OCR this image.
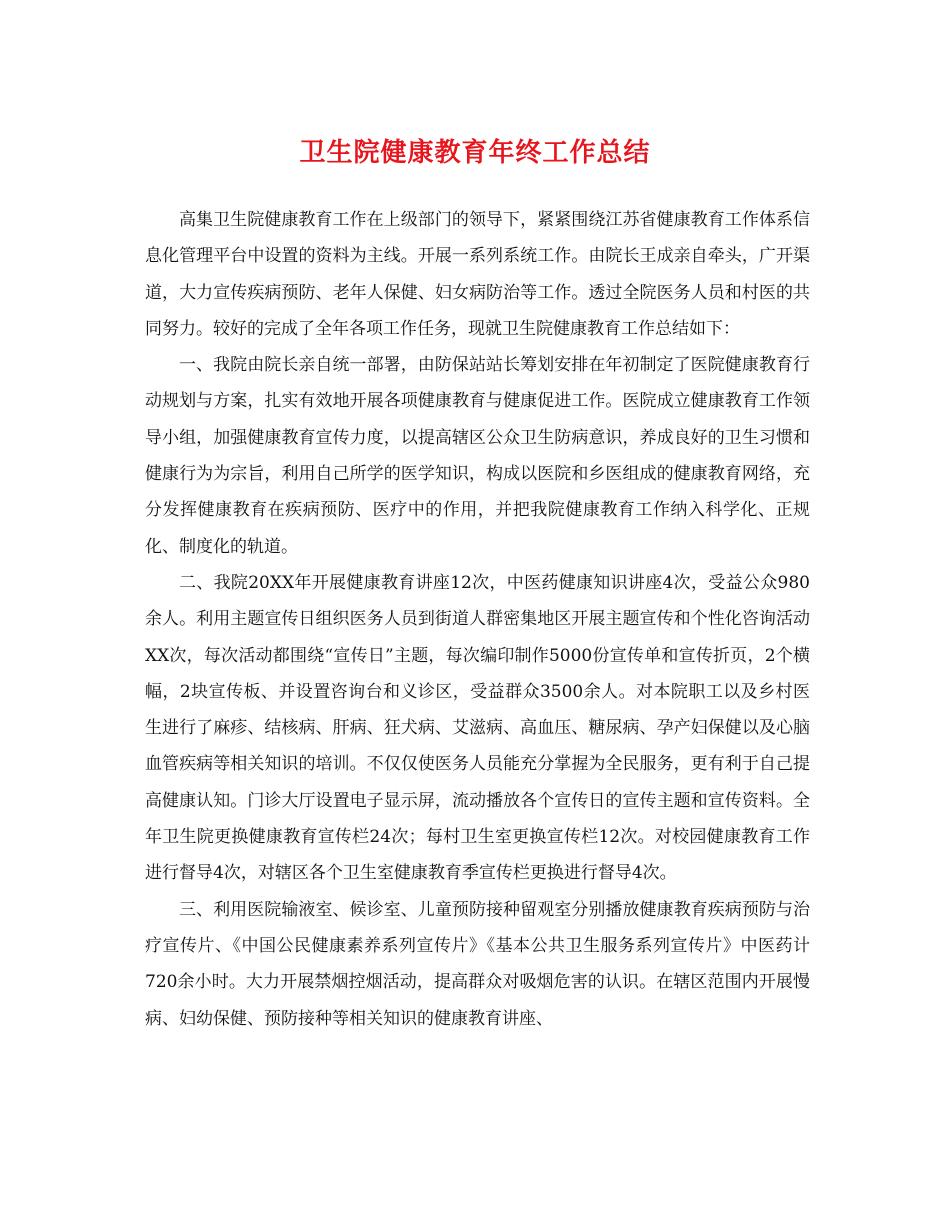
卫生院健康教育年终工作总结

高集卫生院健康教育工作在上级部门的领导下，紧紧围绕江苏省健康教育工作体系信息化管理平台中设置的资料为主线。开展一系列系统工作。由院长王成亲自牵头，广开渠道，大力宣传疾病预防、老年人保健、妇女病防治等工作。透过全院医务人员和村医的共同努力。较好的完成了全年各项工作任务，现就卫生院健康教育工作总结如下：

一、我院由院长亲自统一部署，由防保站站长筹划安排在年初制定了医院健康教育行动规划与方案，扎实有效地开展各项健康教育与健康促进工作。医院成立健康教育工作领导小组，加强健康教育宣传力度，以提高辖区公众卫生防病意识，养成良好的卫生习惯和健康行为为宗旨，利用自己所学的医学知识，构成以医院和乡医组成的健康教育网络，充分发挥健康教育在疾病预防、医疗中的作用，并把我院健康教育工作纳入科学化、正规化、制度化的轨道。

二、我院20XX年开展健康教育讲座12次，中医药健康知识讲座4次，受益公众980余人。利用主题宣传日组织医务人员到街道人群密集地区开展主题宣传和个性化咨询活动XX次，每次活动都围绕“宣传日”主题，每次编印制作5000份宣传单和宣传折页，2个横幅，2块宣传板、并设置咨询台和义诊区，受益群众3500余人。对本院职工以及乡村医生进行了麻疹、结核病、肝病、狂犬病、艾滋病、高血压、糖尿病、孕产妇保健以及心脑血管疾病等相关知识的培训。不仅仅使医务人员能充分掌握为全民服务，更有利于自己提高健康认知。门诊大厅设置电子显示屏，流动播放各个宣传日的宣传主题和宣传资料。全年卫生院更换健康教育宣传栏24次；每村卫生室更换宣传栏12次。对校园健康教育工作进行督导4次，对辖区各个卫生室健康教育季宣传栏更换进行督导4次。

三、利用医院输液室、候诊室、儿童预防接种留观室分别播放健康教育疾病预防与治疗宣传片、《中国公民健康素养系列宣传片》《基本公共卫生服务系列宣传片》中医药计720余小时。大力开展禁烟控烟活动，提高群众对吸烟危害的认识。在辖区范围内开展慢病、妇幼保健、预防接种等相关知识的健康教育讲座、
